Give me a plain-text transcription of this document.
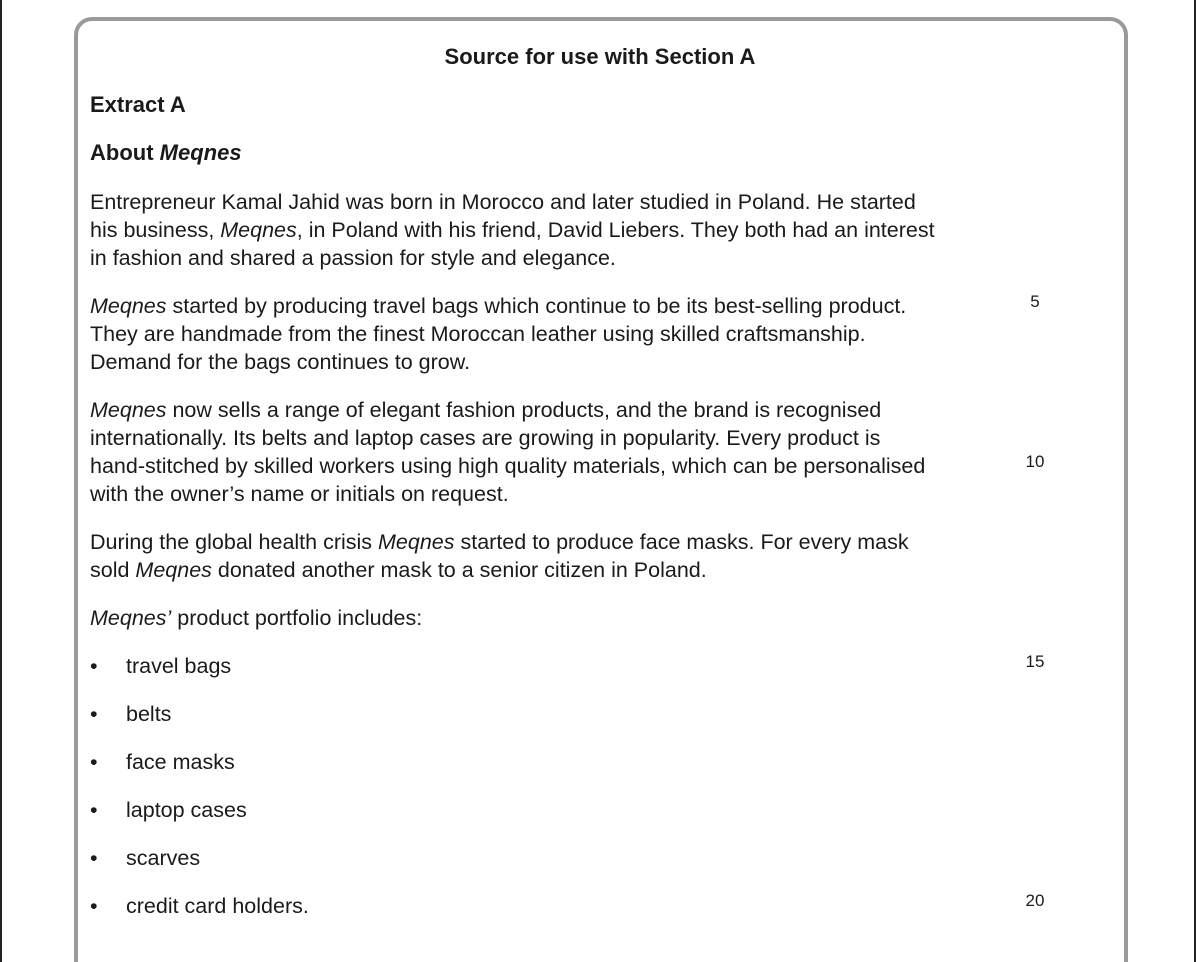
Source for use with Section A
Extract A
About Meqnes

Entrepreneur Kamal Jahid was born in Morocco and later studied in Poland. He started
his business, Meqnes, in Poland with his friend, David Liebers. They both had an interest
in fashion and shared a passion for style and elegance.

Meqnes started by producing travel bags which continue to be its best-selling product.
They are handmade from the finest Moroccan leather using skilled craftsmanship.
Demand for the bags continues to grow.

Meqnes now sells a range of elegant fashion products, and the brand is recognised
internationally. Its belts and laptop cases are growing in popularity. Every product is
hand-stitched by skilled workers using high quality materials, which can be personalised
with the owner’s name or initials on request.

During the global health crisis Meqnes started to produce face masks. For every mask
sold Meqnes donated another mask to a senior citizen in Poland.

Meqnes’ product portfolio includes:

• travel bags
• belts
• face masks
• laptop cases
• scarves
• credit card holders.
5
10
15
20
